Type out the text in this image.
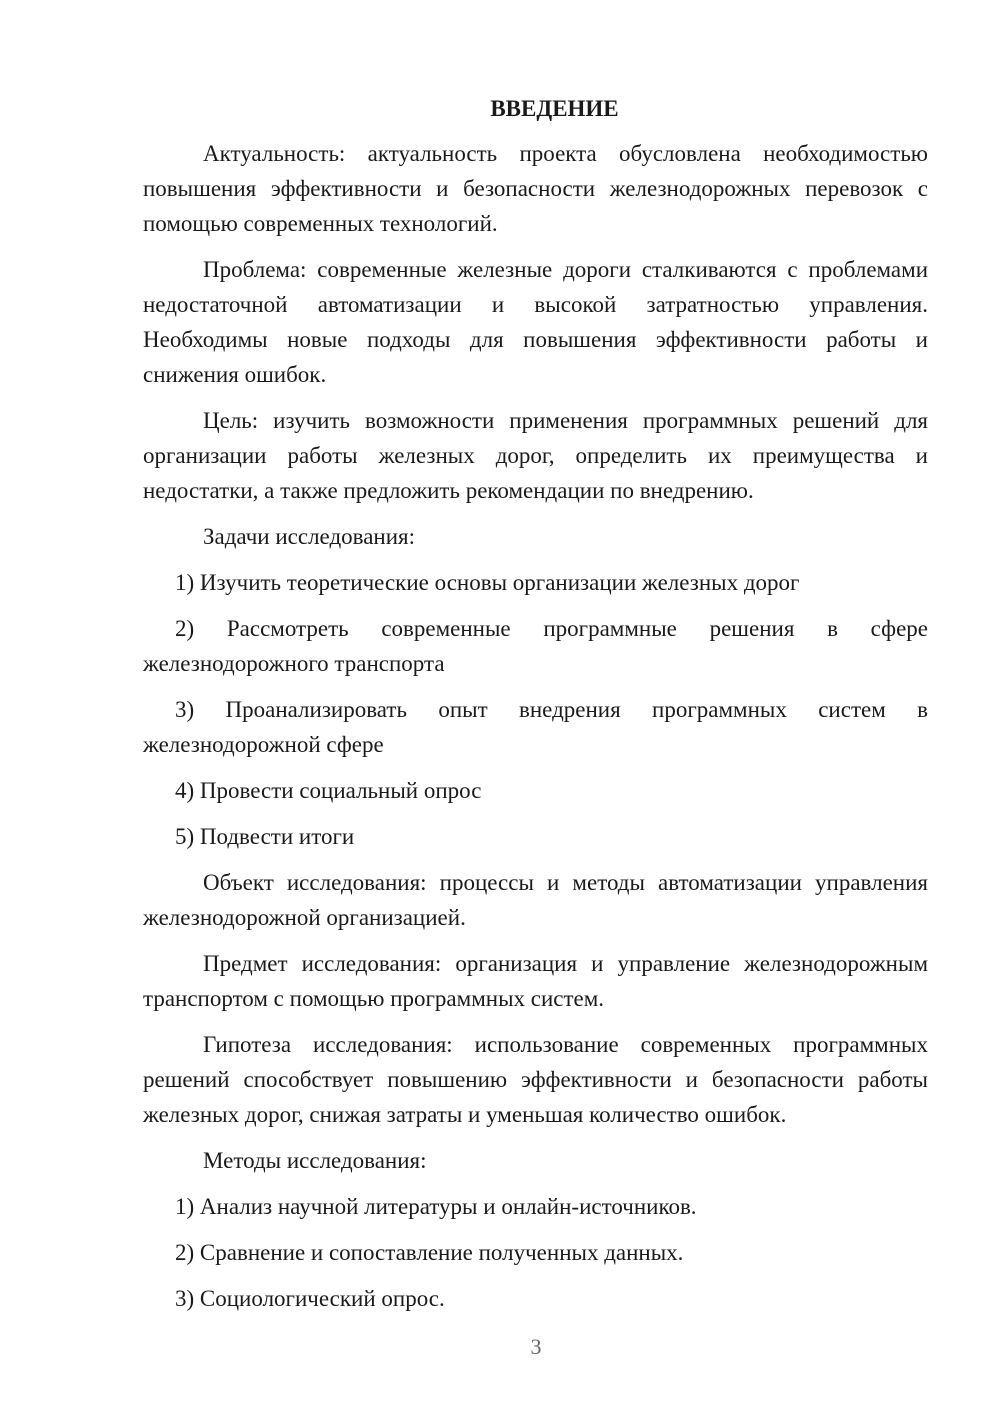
ВВЕДЕНИЕ

Актуальность: актуальность проекта обусловлена необходимостью повышения эффективности и безопасности железнодорожных перевозок с помощью современных технологий.

Проблема: современные железные дороги сталкиваются с проблемами недостаточной автоматизации и высокой затратностью управления. Необходимы новые подходы для повышения эффективности работы и снижения ошибок.

Цель: изучить возможности применения программных решений для организации работы железных дорог, определить их преимущества и недостатки, а также предложить рекомендации по внедрению.

Задачи исследования:

1) Изучить теоретические основы организации железных дорог

2) Рассмотреть современные программные решения в сфере железнодорожного транспорта

3) Проанализировать опыт внедрения программных систем в железнодорожной сфере

4) Провести социальный опрос

5) Подвести итоги

Объект исследования: процессы и методы автоматизации управления железнодорожной организацией.

Предмет исследования: организация и управление железнодорожным транспортом с помощью программных систем.

Гипотеза исследования: использование современных программных решений способствует повышению эффективности и безопасности работы железных дорог, снижая затраты и уменьшая количество ошибок.

Методы исследования:

1) Анализ научной литературы и онлайн-источников.

2) Сравнение и сопоставление полученных данных.

3) Социологический опрос.

3
